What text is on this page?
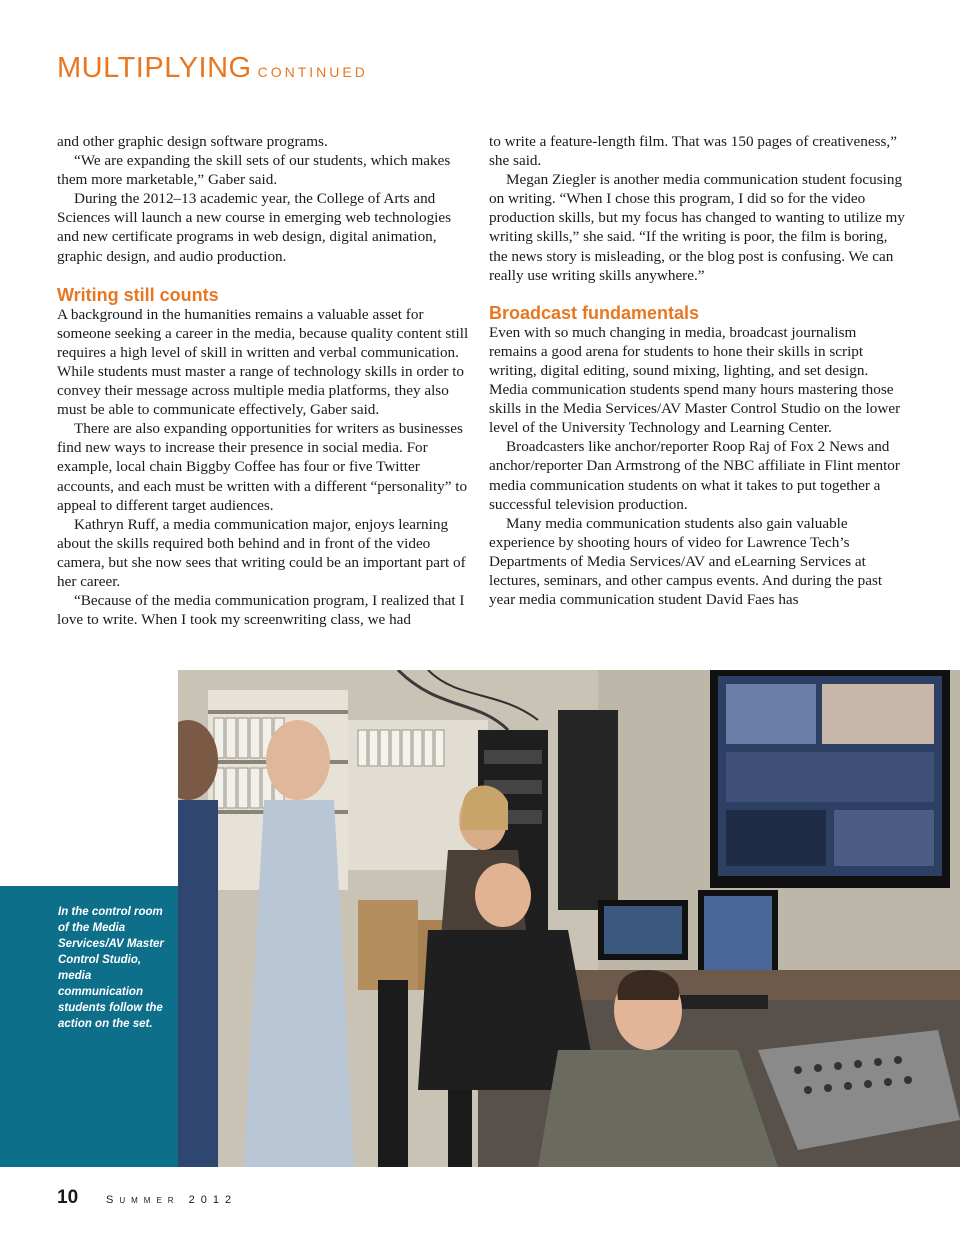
MULTIPLYING CONTINUED

and other graphic design software programs.

“We are expanding the skill sets of our students, which makes them more marketable,” Gaber said.

During the 2012–13 academic year, the College of Arts and Sciences will launch a new course in emerging web technologies and new certificate programs in web design, digital animation, graphic design, and audio production.

Writing still counts

A background in the humanities remains a valuable asset for someone seeking a career in the media, because quality content still requires a high level of skill in written and verbal communication. While students must master a range of technology skills in order to convey their message across multiple media platforms, they also must be able to communicate effectively, Gaber said.

There are also expanding opportunities for writers as businesses find new ways to increase their presence in social media. For example, local chain Biggby Coffee has four or five Twitter accounts, and each must be written with a different “personality” to appeal to different target audiences.

Kathryn Ruff, a media communication major, enjoys learning about the skills required both behind and in front of the video camera, but she now sees that writing could be an important part of her career.

“Because of the media communication program, I realized that I love to write. When I took my screenwriting class, we had

to write a feature-length film. That was 150 pages of creativeness,” she said.

Megan Ziegler is another media communication student focusing on writing. “When I chose this program, I did so for the video production skills, but my focus has changed to wanting to utilize my writing skills,” she said. “If the writing is poor, the film is boring, the news story is misleading, or the blog post is confusing. We can really use writing skills anywhere.”

Broadcast fundamentals

Even with so much changing in media, broadcast journalism remains a good arena for students to hone their skills in script writing, digital editing, sound mixing, lighting, and set design. Media communication students spend many hours mastering those skills in the Media Services/AV Master Control Studio on the lower level of the University Technology and Learning Center.

Broadcasters like anchor/reporter Roop Raj of Fox 2 News and anchor/reporter Dan Armstrong of the NBC affiliate in Flint mentor media communication students on what it takes to put together a successful television production.

Many media communication students also gain valuable experience by shooting hours of video for Lawrence Tech’s Departments of Media Services/AV and eLearning Services at lectures, seminars, and other campus events. And during the past year media communication student David Faes has

In the control room of the Media Services/AV Master Control Studio, media communication students follow the action on the set.

10	Summer 2012
